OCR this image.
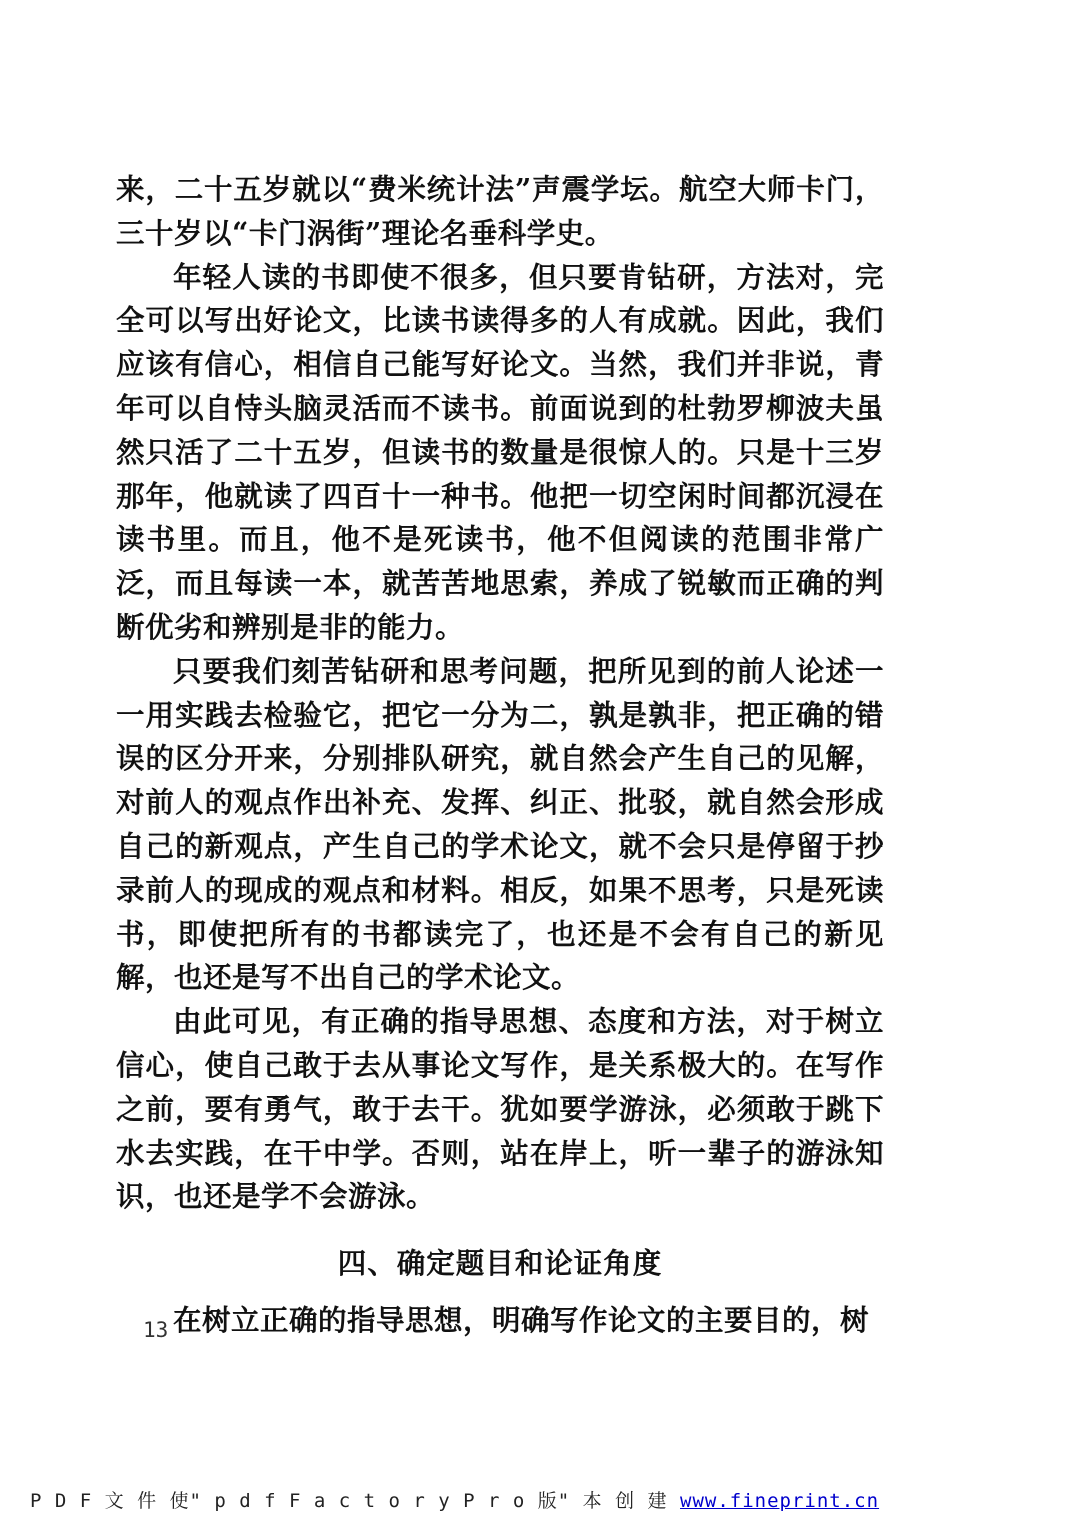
来，二十五岁就以“费米统计法”声震学坛。航空大师卡门，三十岁以“卡门涡街”理论名垂科学史。

年轻人读的书即使不很多，但只要肯钻研，方法对，完全可以写出好论文，比读书读得多的人有成就。因此，我们应该有信心，相信自己能写好论文。当然，我们并非说，青年可以自恃头脑灵活而不读书。前面说到的杜勃罗柳波夫虽然只活了二十五岁，但读书的数量是很惊人的。只是十三岁那年，他就读了四百十一种书。他把一切空闲时间都沉浸在读书里。而且，他不是死读书，他不但阅读的范围非常广泛，而且每读一本，就苦苦地思索，养成了锐敏而正确的判断优劣和辨别是非的能力。

只要我们刻苦钻研和思考问题，把所见到的前人论述一一用实践去检验它，把它一分为二，孰是孰非，把正确的错误的区分开来，分别排队研究，就自然会产生自己的见解，对前人的观点作出补充、发挥、纠正、批驳，就自然会形成自己的新观点，产生自己的学术论文，就不会只是停留于抄录前人的现成的观点和材料。相反，如果不思考，只是死读书，即使把所有的书都读完了，也还是不会有自己的新见解，也还是写不出自己的学术论文。

由此可见，有正确的指导思想、态度和方法，对于树立信心，使自己敢于去从事论文写作，是关系极大的。在写作之前，要有勇气，敢于去干。犹如要学游泳，必须敢于跳下水去实践，在干中学。否则，站在岸上，听一辈子的游泳知识，也还是学不会游泳。

四、确定题目和论证角度

在树立正确的指导思想，明确写作论文的主要目的，树

13
P D F 文 件 使" p d f F a c t o r y P r o 版" 本 创 建 www.fineprint.cn
